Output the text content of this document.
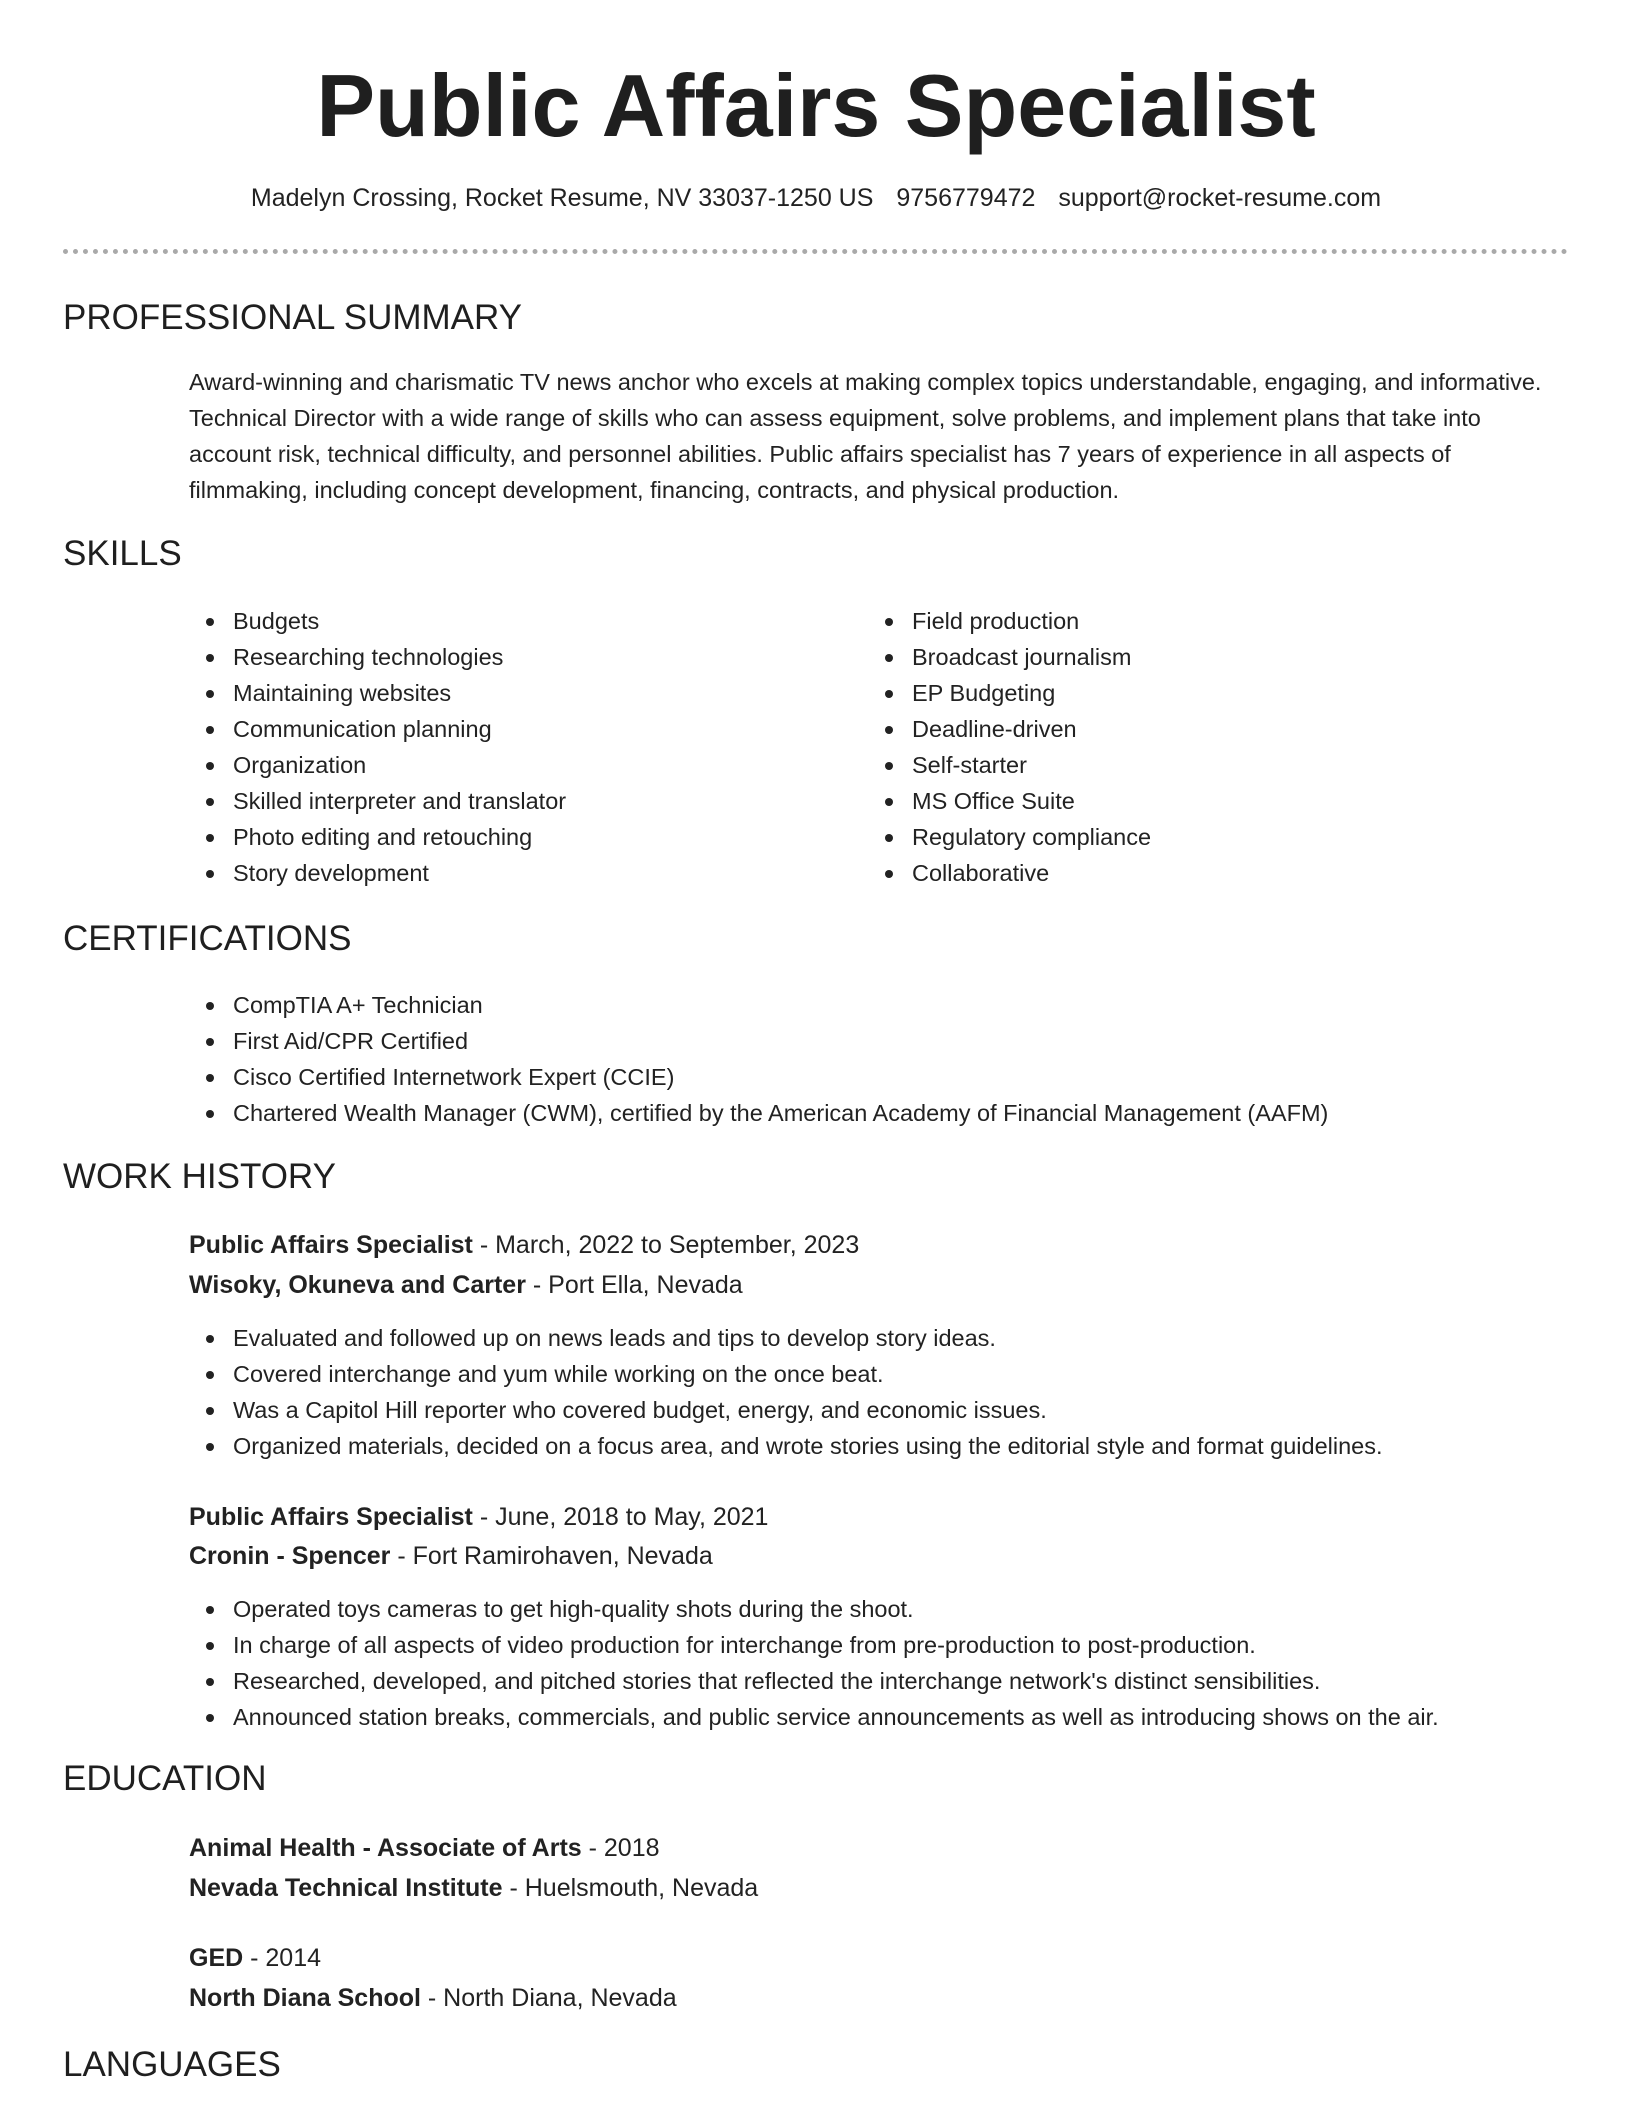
Public Affairs Specialist
Madelyn Crossing, Rocket Resume, NV 33037-1250 US 9756779472 support@rocket-resume.com
PROFESSIONAL SUMMARY

Award-winning and charismatic TV news anchor who excels at making complex topics understandable, engaging, and informative. Technical Director with a wide range of skills who can assess equipment, solve problems, and implement plans that take into account risk, technical difficulty, and personnel abilities. Public affairs specialist has 7 years of experience in all aspects of filmmaking, including concept development, financing, contracts, and physical production.

SKILLS
Budgets
Researching technologies
Maintaining websites
Communication planning
Organization
Skilled interpreter and translator
Photo editing and retouching
Story development
Field production
Broadcast journalism
EP Budgeting
Deadline-driven
Self-starter
MS Office Suite
Regulatory compliance
Collaborative
CERTIFICATIONS
CompTIA A+ Technician
First Aid/CPR Certified
Cisco Certified Internetwork Expert (CCIE)
Chartered Wealth Manager (CWM), certified by the American Academy of Financial Management (AAFM)
WORK HISTORY
Public Affairs Specialist - March, 2022 to September, 2023
Wisoky, Okuneva and Carter - Port Ella, Nevada
Evaluated and followed up on news leads and tips to develop story ideas.
Covered interchange and yum while working on the once beat.
Was a Capitol Hill reporter who covered budget, energy, and economic issues.
Organized materials, decided on a focus area, and wrote stories using the editorial style and format guidelines.
Public Affairs Specialist - June, 2018 to May, 2021
Cronin - Spencer - Fort Ramirohaven, Nevada
Operated toys cameras to get high-quality shots during the shoot.
In charge of all aspects of video production for interchange from pre-production to post-production.
Researched, developed, and pitched stories that reflected the interchange network's distinct sensibilities.
Announced station breaks, commercials, and public service announcements as well as introducing shows on the air.
EDUCATION
Animal Health - Associate of Arts - 2018
Nevada Technical Institute - Huelsmouth, Nevada
GED - 2014
North Diana School - North Diana, Nevada
LANGUAGES
